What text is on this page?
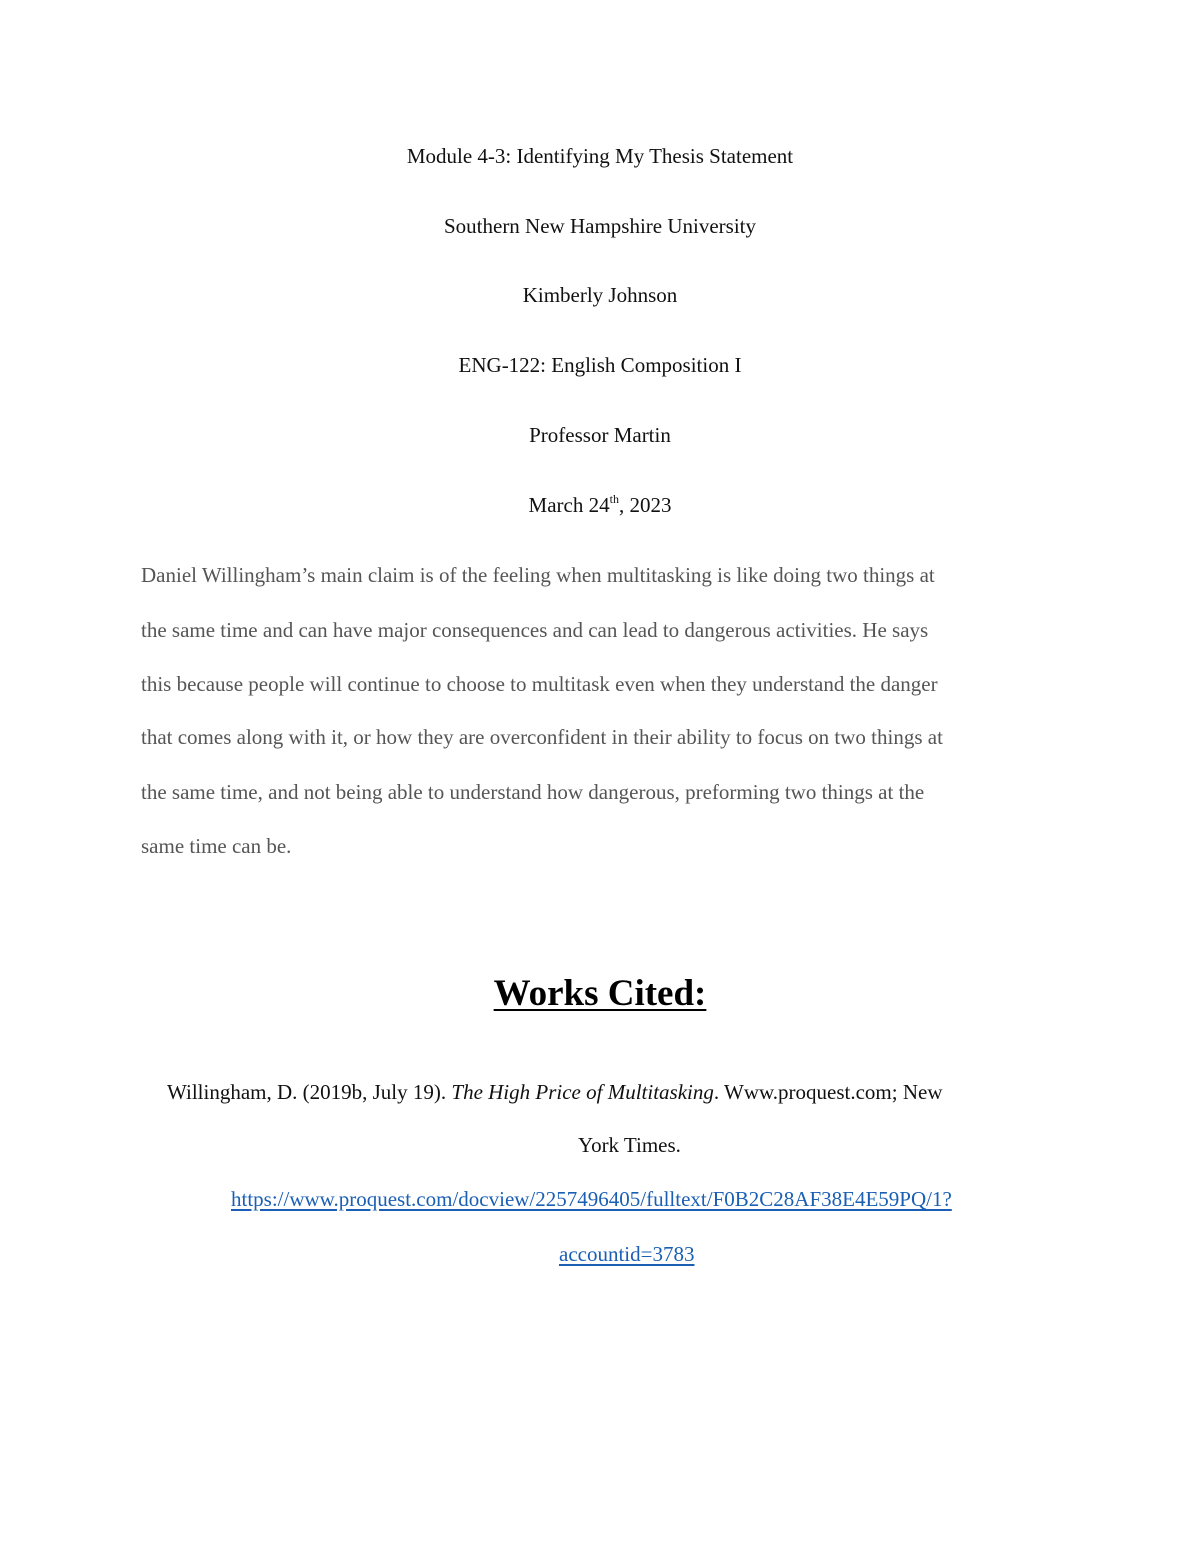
Module 4-3: Identifying My Thesis Statement
Southern New Hampshire University
Kimberly Johnson
ENG-122: English Composition I
Professor Martin
March 24th, 2023
Daniel Willingham’s main claim is of the feeling when multitasking is like doing two things at
the same time and can have major consequences and can lead to dangerous activities. He says
this because people will continue to choose to multitask even when they understand the danger
that comes along with it, or how they are overconfident in their ability to focus on two things at
the same time, and not being able to understand how dangerous, preforming two things at the
same time can be.
Works Cited:
Willingham, D. (2019b, July 19). The High Price of Multitasking. Www.proquest.com; New
York Times.
https://www.proquest.com/docview/2257496405/fulltext/F0B2C28AF38E4E59PQ/1?
accountid=3783
